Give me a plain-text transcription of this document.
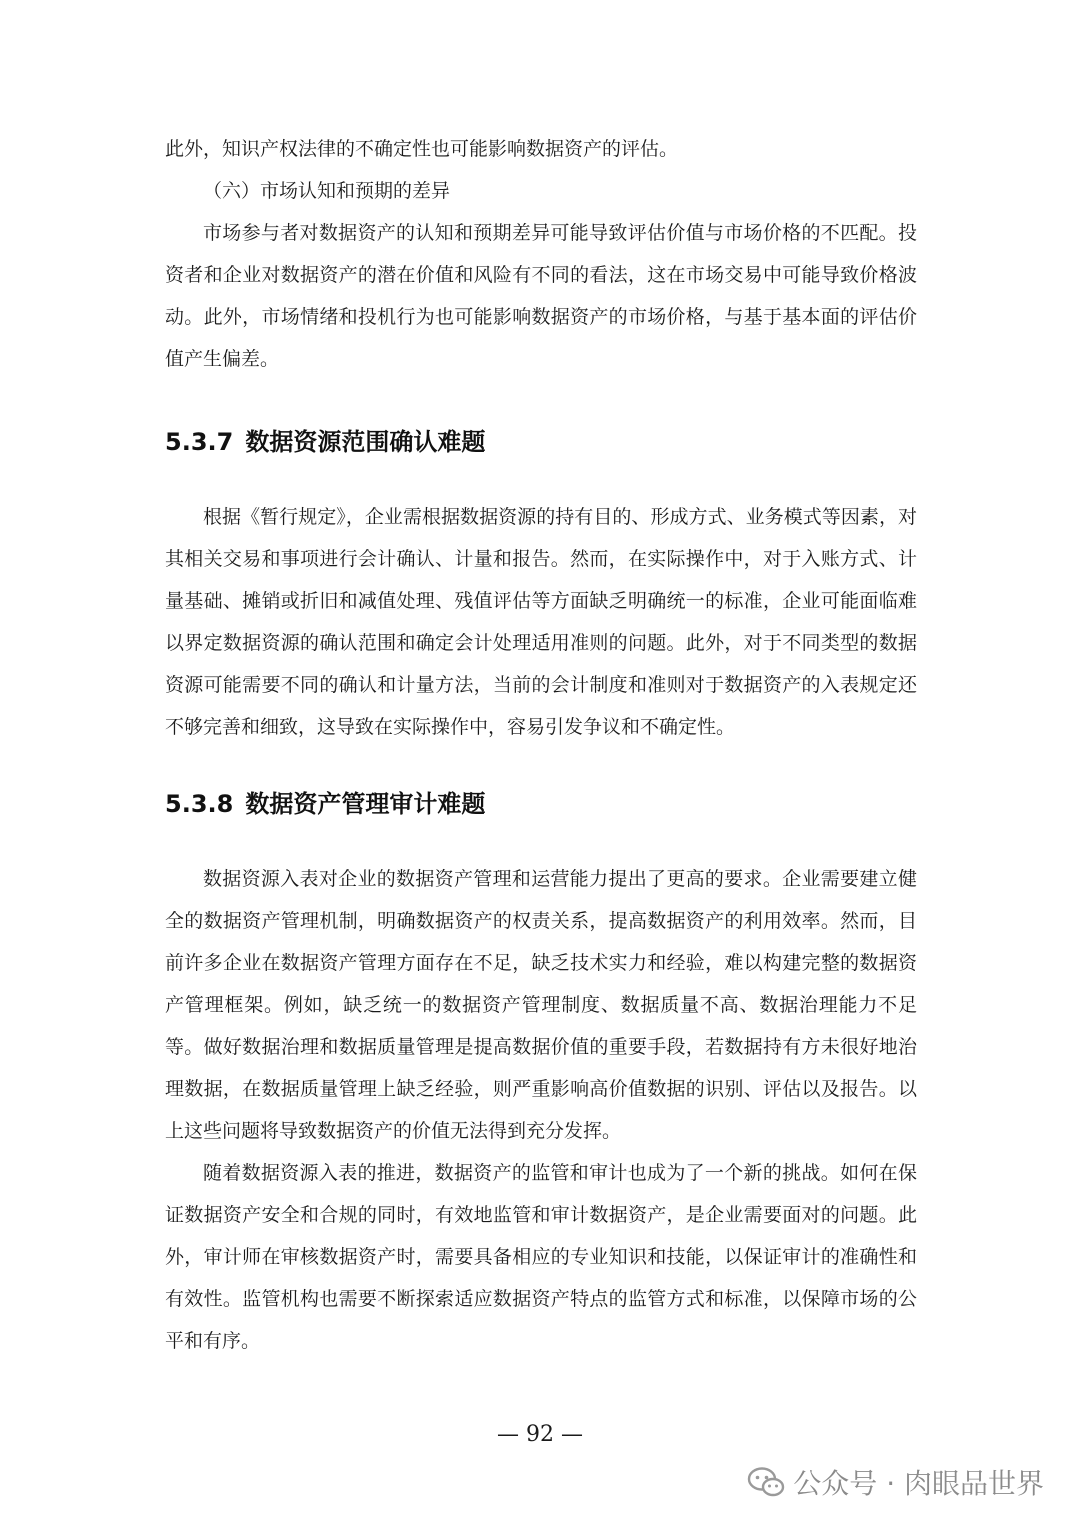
此外，知识产权法律的不确定性也可能影响数据资产的评估。

（六）市场认知和预期的差异

市场参与者对数据资产的认知和预期差异可能导致评估价值与市场价格的不匹配。投资者和企业对数据资产的潜在价值和风险有不同的看法，这在市场交易中可能导致价格波动。此外，市场情绪和投机行为也可能影响数据资产的市场价格，与基于基本面的评估价值产生偏差。

5.3.7 数据资源范围确认难题

根据《暂行规定》，企业需根据数据资源的持有目的、形成方式、业务模式等因素，对其相关交易和事项进行会计确认、计量和报告。然而，在实际操作中，对于入账方式、计量基础、摊销或折旧和减值处理、残值评估等方面缺乏明确统一的标准，企业可能面临难以界定数据资源的确认范围和确定会计处理适用准则的问题。此外，对于不同类型的数据资源可能需要不同的确认和计量方法，当前的会计制度和准则对于数据资产的入表规定还不够完善和细致，这导致在实际操作中，容易引发争议和不确定性。

5.3.8 数据资产管理审计难题

数据资源入表对企业的数据资产管理和运营能力提出了更高的要求。企业需要建立健全的数据资产管理机制，明确数据资产的权责关系，提高数据资产的利用效率。然而，目前许多企业在数据资产管理方面存在不足，缺乏技术实力和经验，难以构建完整的数据资产管理框架。例如，缺乏统一的数据资产管理制度、数据质量不高、数据治理能力不足等。做好数据治理和数据质量管理是提高数据价值的重要手段，若数据持有方未很好地治理数据，在数据质量管理上缺乏经验，则严重影响高价值数据的识别、评估以及报告。以上这些问题将导致数据资产的价值无法得到充分发挥。

随着数据资源入表的推进，数据资产的监管和审计也成为了一个新的挑战。如何在保证数据资产安全和合规的同时，有效地监管和审计数据资产，是企业需要面对的问题。此外，审计师在审核数据资产时，需要具备相应的专业知识和技能，以保证审计的准确性和有效性。监管机构也需要不断探索适应数据资产特点的监管方式和标准，以保障市场的公平和有序。

— 92 —
公众号 · 肉眼品世界
